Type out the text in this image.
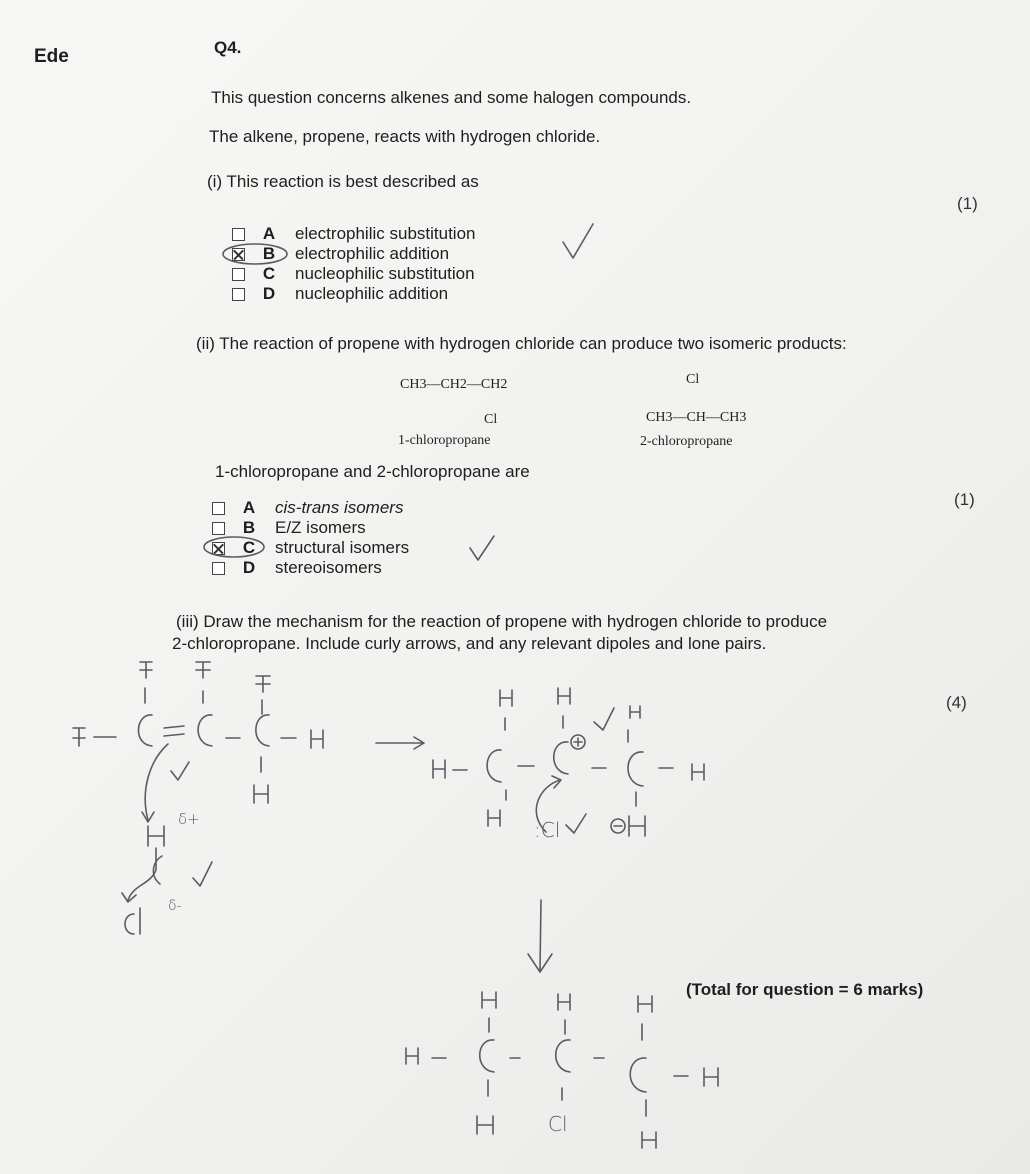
Ede	Q4.
This question concerns alkenes and some halogen compounds.
The alkene, propene, reacts with hydrogen chloride.
(i) This reaction is best described as
(1)
A electrophilic substitution
B electrophilic addition
C nucleophilic substitution
D nucleophilic addition
(ii) The reaction of propene with hydrogen chloride can produce two isomeric products:
CH3—CH2—CH2
Cl
1-chloropropane
Cl
CH3—CH—CH3
2-chloropropane
1-chloropropane and 2-chloropropane are
(1)
A cis-trans isomers
B E/Z isomers
C structural isomers
D stereoisomers
(iii) Draw the mechanism for the reaction of propene with hydrogen chloride to produce
2-chloropropane. Include curly arrows, and any relevant dipoles and lone pairs.
(4)
δ+
δ-
:Cl
Cl
(Total for question = 6 marks)
